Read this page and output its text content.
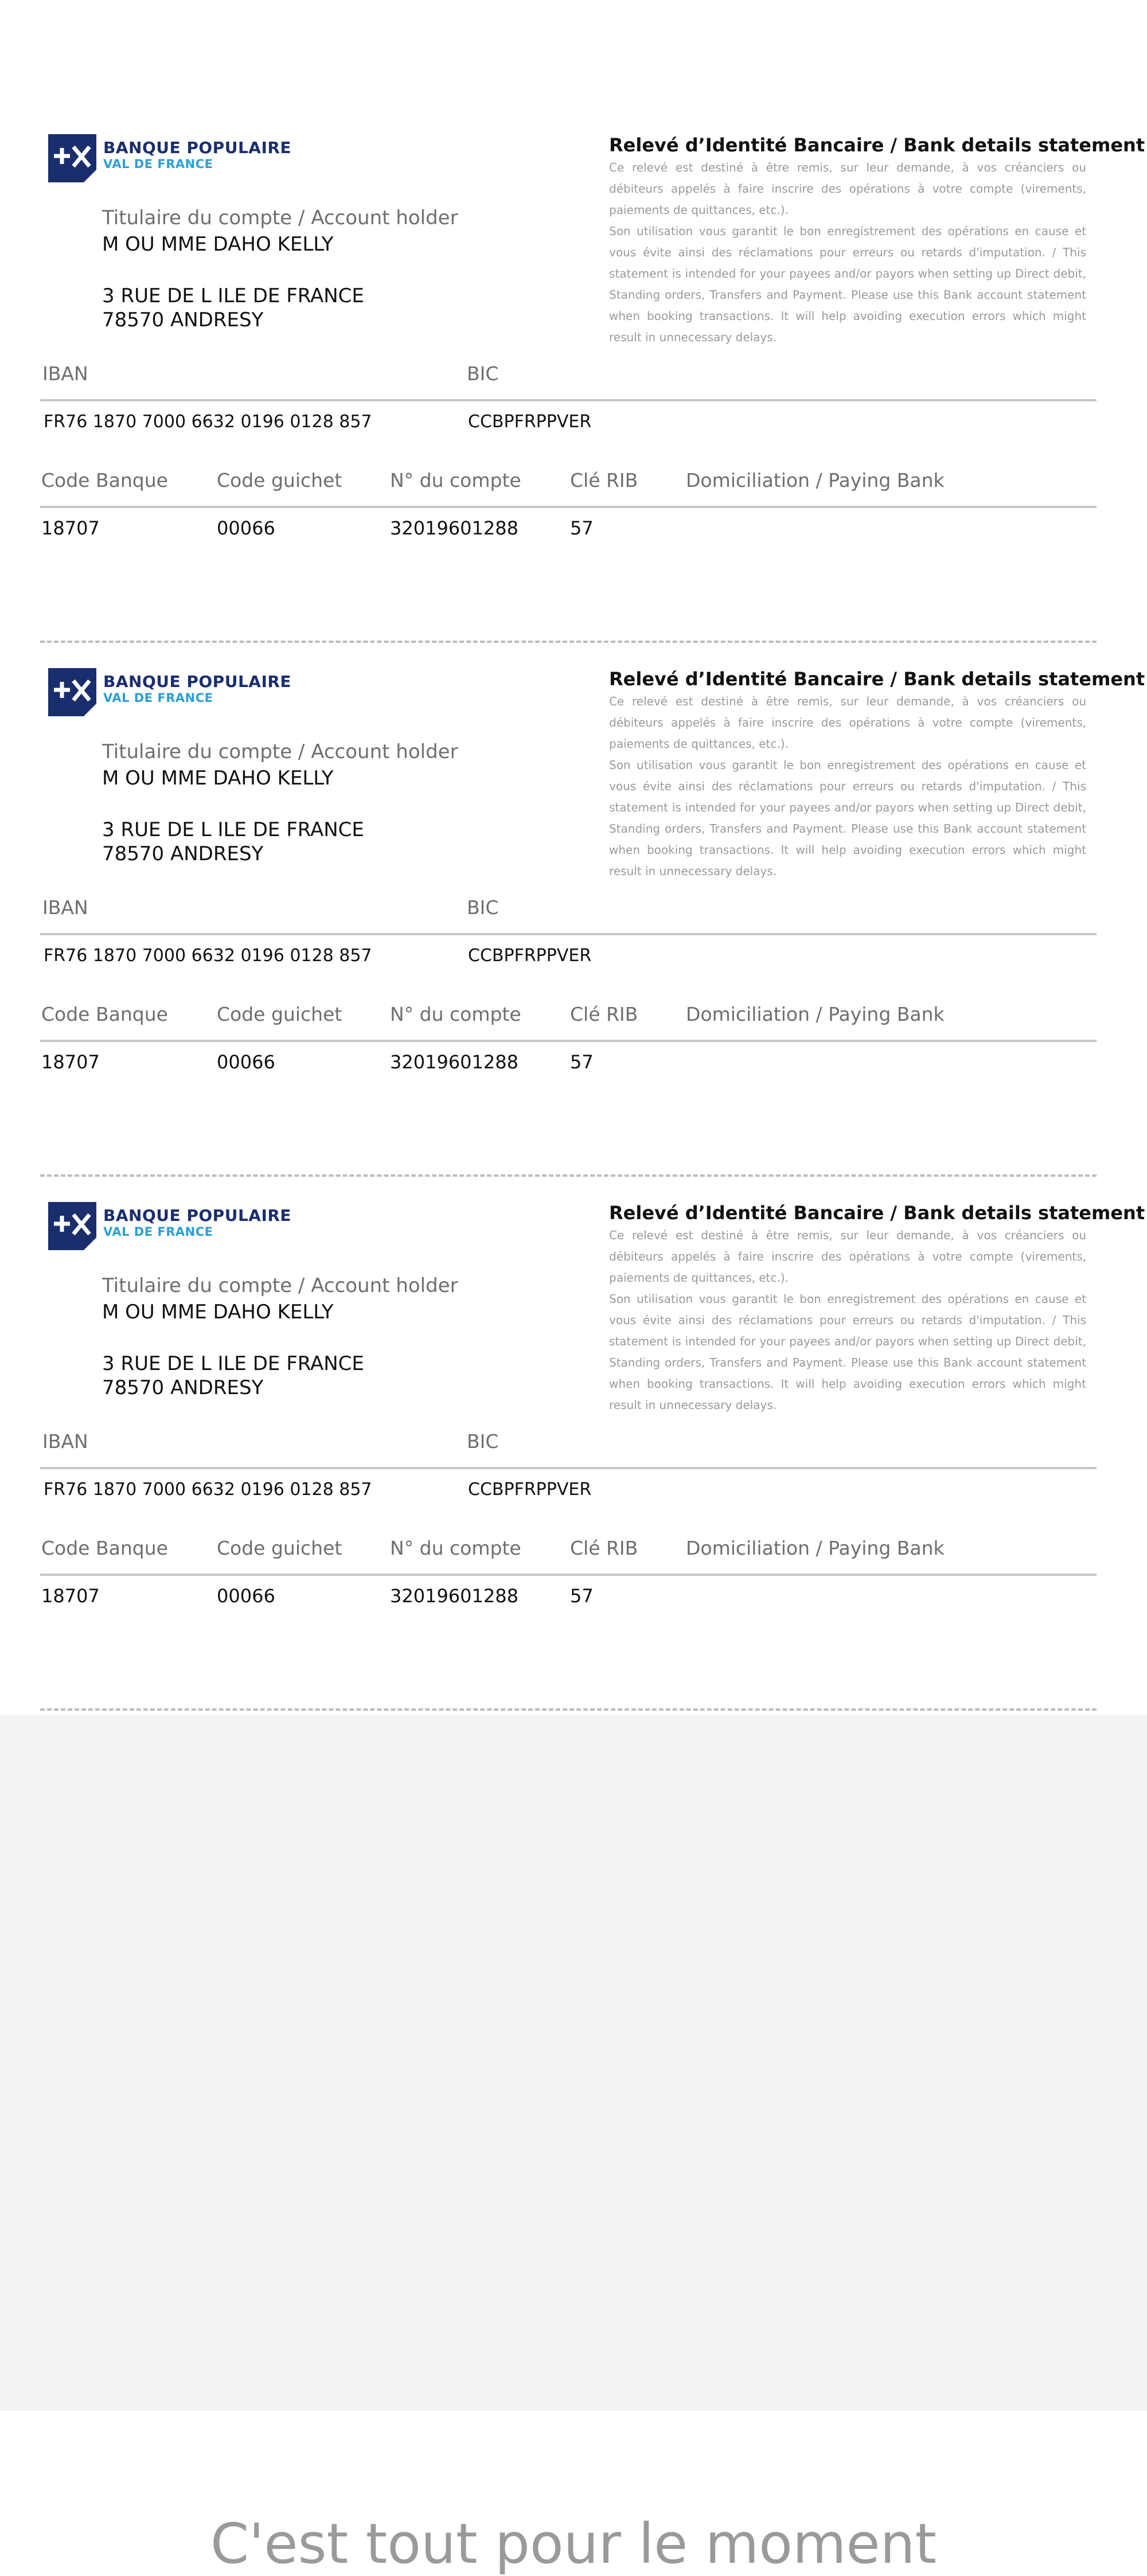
BANQUE POPULAIRE
VAL DE FRANCE
Titulaire du compte / Account holder
M OU MME DAHO KELLY
3 RUE DE L ILE DE FRANCE
78570 ANDRESY
Relevé d’Identité Bancaire / Bank details statement

Ce relevé est destiné à être remis, sur leur demande, à vos créanciers ou débiteurs appelés à faire inscrire des opérations à votre compte (virements, paiements de quittances, etc.).

Son utilisation vous garantit le bon enregistrement des opérations en cause et vous évite ainsi des réclamations pour erreurs ou retards d'imputation. / This statement is intended for your payees and/or payors when setting up Direct debit, Standing orders, Transfers and Payment. Please use this Bank account statement when booking transactions. It will help avoiding execution errors which might result in unnecessary delays.

IBAN	BIC
FR76 1870 7000 6632 0196 0128 857	CCBPFRPPVER
Code Banque	Code guichet	N° du compte	Clé RIB	Domiciliation / Paying Bank
18707	00066	32019601288	57
BANQUE POPULAIRE
VAL DE FRANCE
Titulaire du compte / Account holder
M OU MME DAHO KELLY
3 RUE DE L ILE DE FRANCE
78570 ANDRESY
Relevé d’Identité Bancaire / Bank details statement

Ce relevé est destiné à être remis, sur leur demande, à vos créanciers ou débiteurs appelés à faire inscrire des opérations à votre compte (virements, paiements de quittances, etc.).

Son utilisation vous garantit le bon enregistrement des opérations en cause et vous évite ainsi des réclamations pour erreurs ou retards d'imputation. / This statement is intended for your payees and/or payors when setting up Direct debit, Standing orders, Transfers and Payment. Please use this Bank account statement when booking transactions. It will help avoiding execution errors which might result in unnecessary delays.

IBAN	BIC
FR76 1870 7000 6632 0196 0128 857	CCBPFRPPVER
Code Banque	Code guichet	N° du compte	Clé RIB	Domiciliation / Paying Bank
18707	00066	32019601288	57
BANQUE POPULAIRE
VAL DE FRANCE
Titulaire du compte / Account holder
M OU MME DAHO KELLY
3 RUE DE L ILE DE FRANCE
78570 ANDRESY
Relevé d’Identité Bancaire / Bank details statement

Ce relevé est destiné à être remis, sur leur demande, à vos créanciers ou débiteurs appelés à faire inscrire des opérations à votre compte (virements, paiements de quittances, etc.).

Son utilisation vous garantit le bon enregistrement des opérations en cause et vous évite ainsi des réclamations pour erreurs ou retards d'imputation. / This statement is intended for your payees and/or payors when setting up Direct debit, Standing orders, Transfers and Payment. Please use this Bank account statement when booking transactions. It will help avoiding execution errors which might result in unnecessary delays.

IBAN	BIC
FR76 1870 7000 6632 0196 0128 857	CCBPFRPPVER
Code Banque	Code guichet	N° du compte	Clé RIB	Domiciliation / Paying Bank
18707	00066	32019601288	57
C'est tout pour le moment
